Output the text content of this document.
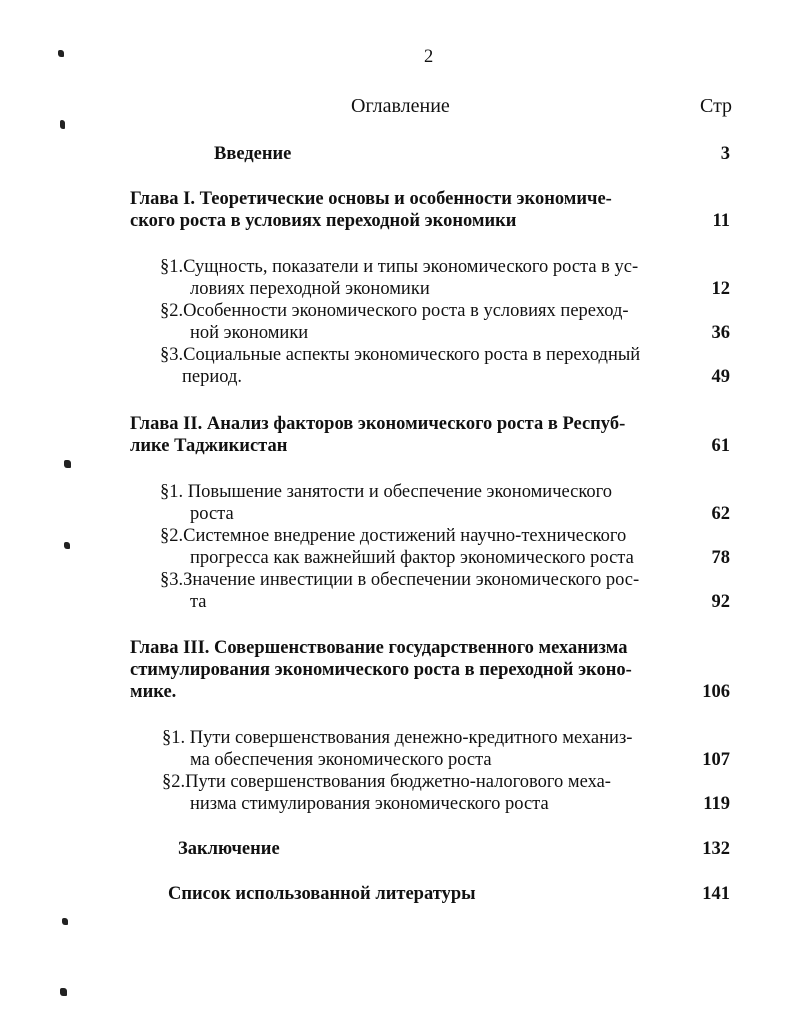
2
Оглавление	Стр
Введение	3
Глава I. Теоретические основы и особенности экономиче-
ского роста в условиях переходной экономики	11
§1.Сущность, показатели и типы экономического роста в ус-
ловиях переходной экономики	12
§2.Особенности экономического роста в условиях переход-
ной экономики	36
§3.Социальные аспекты экономического роста в переходный
период.	49
Глава II. Анализ факторов экономического роста в Респуб-
лике Таджикистан	61
§1. Повышение занятости и обеспечение экономического
роста	62
§2.Системное внедрение достижений научно-технического
прогресса как важнейший фактор экономического роста	78
§3.Значение инвестиции в обеспечении экономического рос-
та	92
Глава III. Совершенствование государственного механизма
стимулирования экономического роста в переходной эконо-
мике.	106
§1. Пути совершенствования денежно-кредитного механиз-
ма обеспечения экономического роста	107
§2.Пути совершенствования бюджетно-налогового меха-
низма стимулирования экономического роста	119
Заключение	132
Список использованной литературы	141
